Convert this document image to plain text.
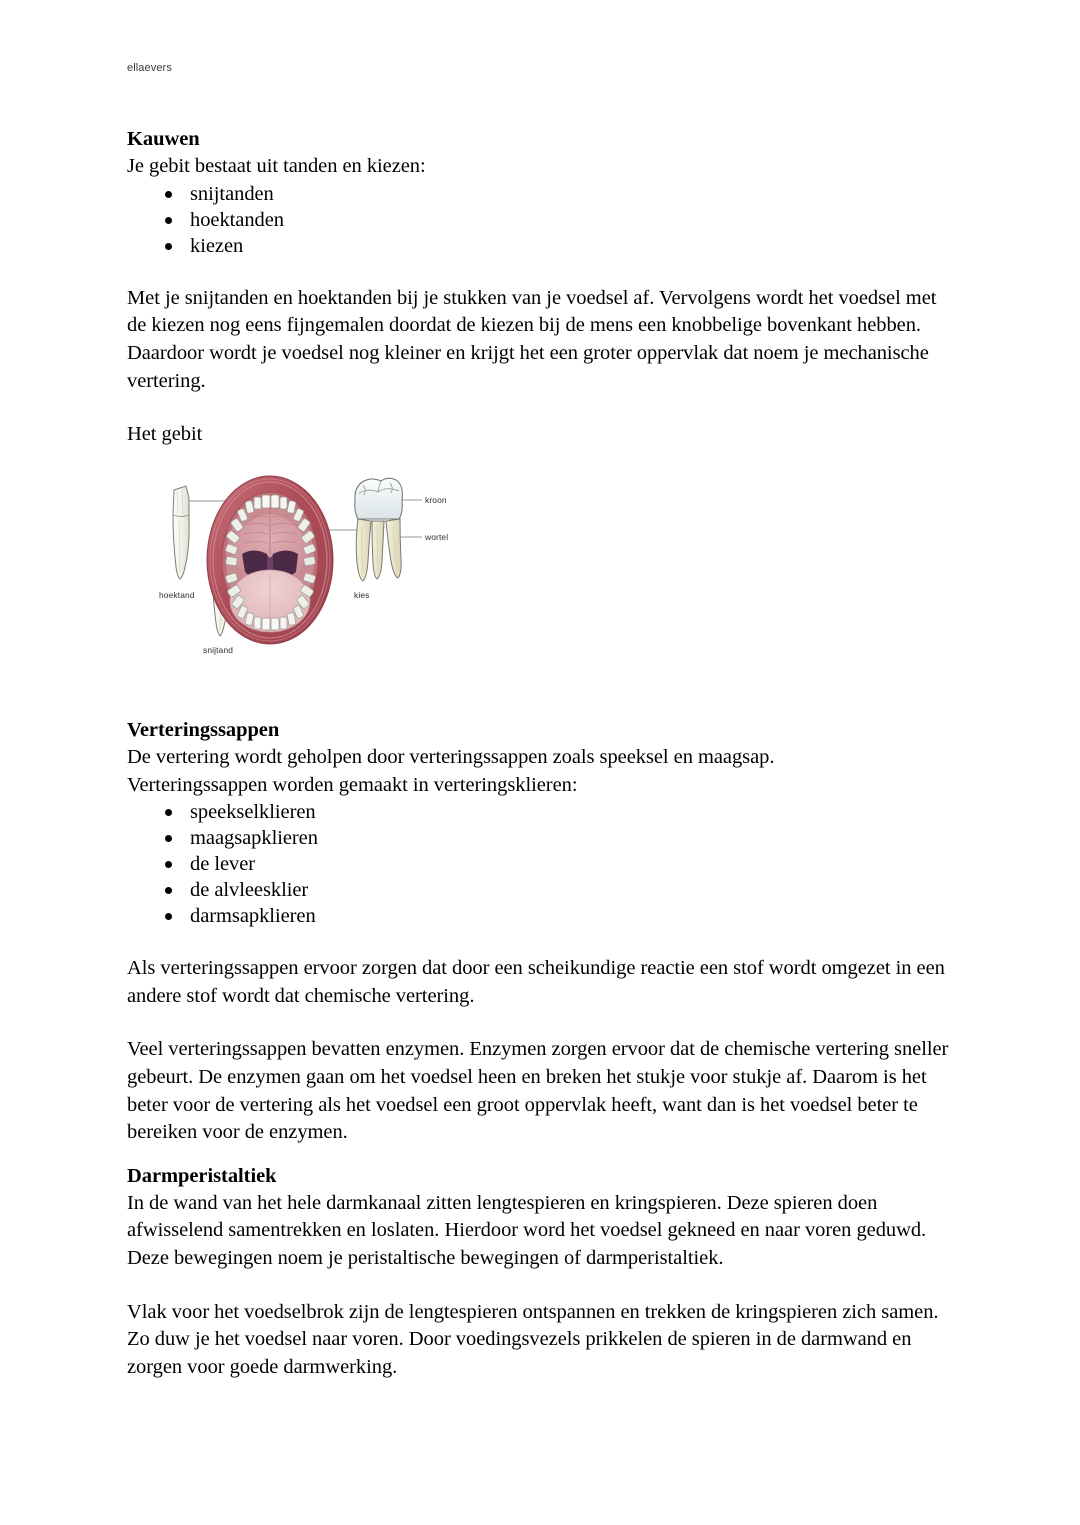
ellaevers
Kauwen

Je gebit bestaat uit tanden en kiezen:

snijtanden
hoektanden
kiezen

Met je snijtanden en hoektanden bij je stukken van je voedsel af. Vervolgens wordt het voedsel met de kiezen nog eens fijngemalen doordat de kiezen bij de mens een knobbelige bovenkant hebben. Daardoor wordt je voedsel nog kleiner en krijgt het een groter oppervlak dat noem je mechanische vertering.

Het gebit

Verteringssappen

De vertering wordt geholpen door verteringssappen zoals speeksel en maagsap.

Verteringssappen worden gemaakt in verteringsklieren:

speekselklieren
maagsapklieren
de lever
de alvleesklier
darmsapklieren

Als verteringssappen ervoor zorgen dat door een scheikundige reactie een stof wordt omgezet in een andere stof wordt dat chemische vertering.

Veel verteringssappen bevatten enzymen. Enzymen zorgen ervoor dat de chemische vertering sneller gebeurt. De enzymen gaan om het voedsel heen en breken het stukje voor stukje af. Daarom is het beter voor de vertering als het voedsel een groot oppervlak heeft, want dan is het voedsel beter te bereiken voor de enzymen.

Darmperistaltiek

In de wand van het hele darmkanaal zitten lengtespieren en kringspieren. Deze spieren doen afwisselend samentrekken en loslaten. Hierdoor word het voedsel gekneed en naar voren geduwd. Deze bewegingen noem je peristaltische bewegingen of darmperistaltiek.

Vlak voor het voedselbrok zijn de lengtespieren ontspannen en trekken de kringspieren zich samen. Zo duw je het voedsel naar voren. Door voedingsvezels prikkelen de spieren in de darmwand en zorgen voor goede darmwerking.

hoektand
snijtand
kies
kroon
wortel
